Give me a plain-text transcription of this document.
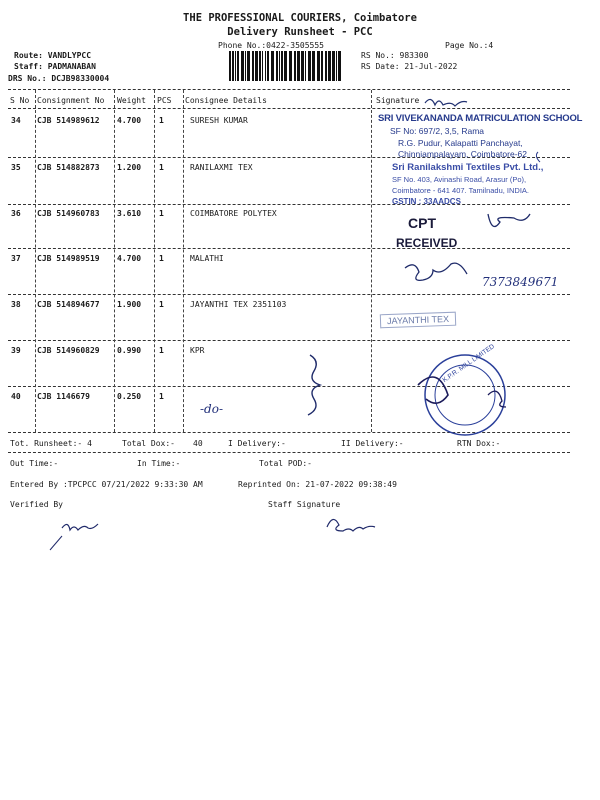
THE PROFESSIONAL COURIERS, Coimbatore
Delivery Runsheet - PCC
Phone No.:0422-3505555	Page No.:4
Route: VANDLYPCC
Staff: PADMANABAN
DRS No.: DCJB98330004
RS No.: 983300
RS Date: 21-Jul-2022
S No Consignment No Weight PCS Consignee Details	Signature
34 CJB 514989612 4.700 1	SURESH KUMAR
35 CJB 514882873 1.200 1	RANILAXMI TEX
36 CJB 514960783 3.610 1	COIMBATORE POLYTEX
37 CJB 514989519 4.700 1	MALATHI
38 CJB 514894677 1.900 1	JAYANTHI TEX 2351103
39 CJB 514960829 0.990 1	KPR
40 CJB 1146679	0.250 1
SRI VIVEKANANDA MATRICULATION SCHOOL
SF No: 697/2, 3,5, Rama
R.G. Pudur, Kalapatti Panchayat,
Chinniampalayam, Coimbatore-62
Sri Ranilakshmi Textiles Pvt. Ltd.,
SF No. 403, Avinashi Road, Arasur (Po),
Coimbatore - 641 407. Tamilnadu, INDIA.
GSTIN : 33AADCS
CPT
RECEIVED
7373849671
JAYANTHI TEX
K.P.R. MILL LIMITED
-do-
Tot. Runsheet:- 4	Total Dox:- 40	I Delivery:-	II Delivery:-	RTN Dox:-
Out Time:-	In Time:-	Total POD:-
Entered By :TPCPCC 07/21/2022 9:33:30 AM	Reprinted On: 21-07-2022 09:38:49
Verified By	Staff Signature
